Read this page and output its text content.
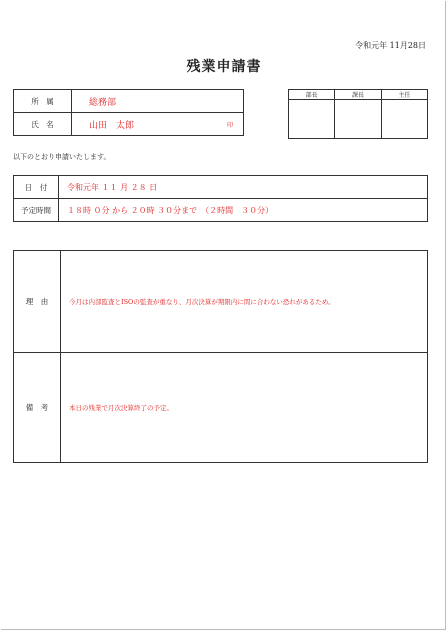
令和元年 11月28日
残業申請書
所　属	総務部
氏　名	山田　太郎 印
部長	課長	主任

以下のとおり申請いたします。
日　付	令和元年 １１ 月 ２８ 日
予定時間	１８時 ０分 から ２０時 ３０分まで　（２時間　３０分）
理　由	今月は内部監査とISOの監査が重なり、月次決算が期限内に間に合わない恐れがあるため。
備　考	本日の残業で月次決算終了の予定。
